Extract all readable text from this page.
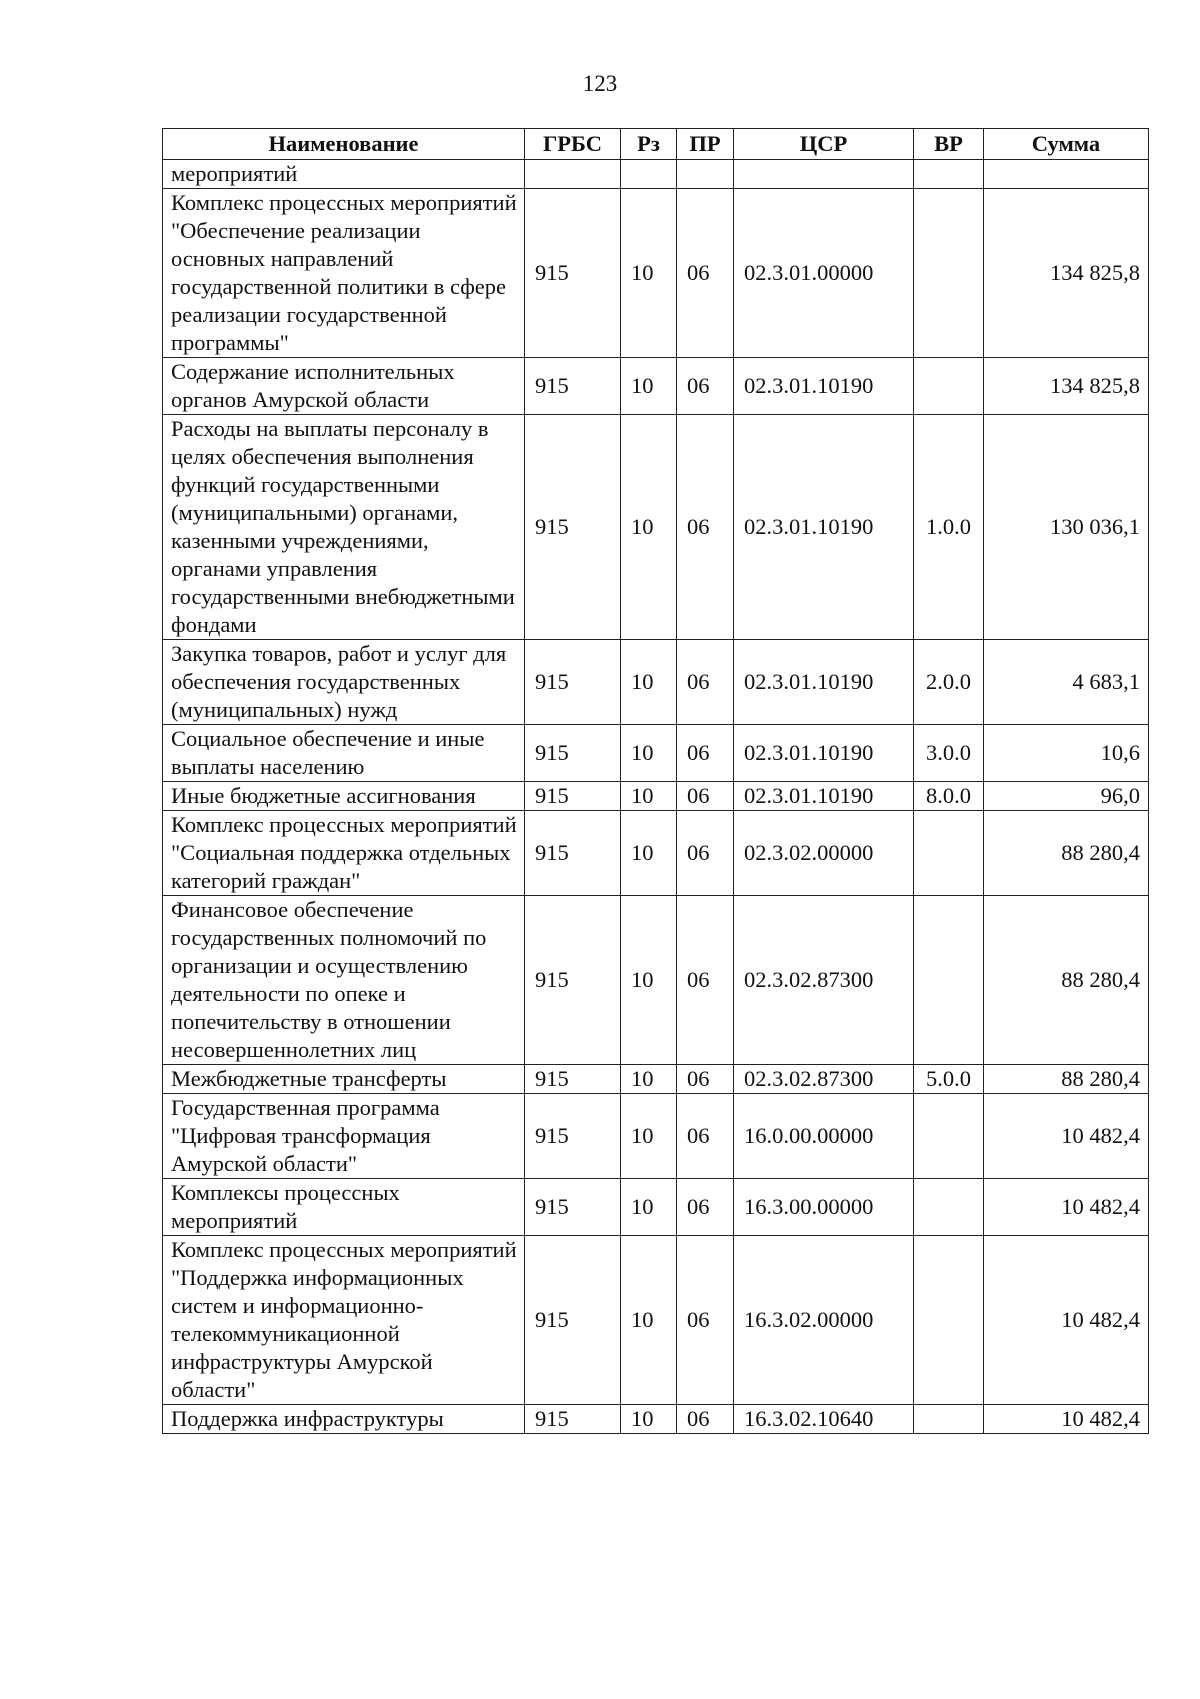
123
Наименование	ГРБС	Рз	ПР	ЦСР	ВР	Сумма
мероприятий						
Комплекс процессных мероприятий "Обеспечение реализации основных направлений государственной политики в сфере реализации государственной программы"	915	10	06	02.3.01.00000		134 825,8
Содержание исполнительных органов Амурской области	915	10	06	02.3.01.10190		134 825,8
Расходы на выплаты персоналу в целях обеспечения выполнения функций государственными (муниципальными) органами, казенными учреждениями, органами управления государственными внебюджетными фондами	915	10	06	02.3.01.10190	1.0.0	130 036,1
Закупка товаров, работ и услуг для обеспечения государственных (муниципальных) нужд	915	10	06	02.3.01.10190	2.0.0	4 683,1
Социальное обеспечение и иные выплаты населению	915	10	06	02.3.01.10190	3.0.0	10,6
Иные бюджетные ассигнования	915	10	06	02.3.01.10190	8.0.0	96,0
Комплекс процессных мероприятий "Социальная поддержка отдельных категорий граждан"	915	10	06	02.3.02.00000		88 280,4
Финансовое обеспечение государственных полномочий по организации и осуществлению деятельности по опеке и попечительству в отношении несовершеннолетних лиц	915	10	06	02.3.02.87300		88 280,4
Межбюджетные трансферты	915	10	06	02.3.02.87300	5.0.0	88 280,4
Государственная программа "Цифровая трансформация Амурской области"	915	10	06	16.0.00.00000		10 482,4
Комплексы процессных мероприятий	915	10	06	16.3.00.00000		10 482,4
Комплекс процессных мероприятий "Поддержка информационных систем и информационно-телекоммуникационной инфраструктуры Амурской области"	915	10	06	16.3.02.00000		10 482,4
Поддержка инфраструктуры	915	10	06	16.3.02.10640		10 482,4
